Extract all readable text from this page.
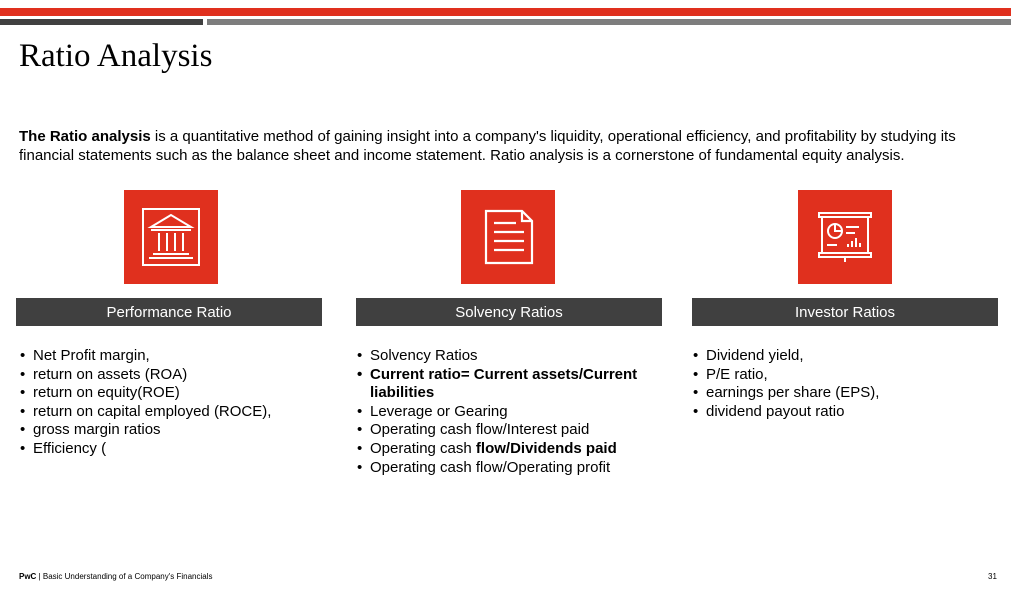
Ratio Analysis

The Ratio analysis is a quantitative method of gaining insight into a company's liquidity, operational efficiency, and profitability by studying its financial statements such as the balance sheet and income statement. Ratio analysis is a cornerstone of fundamental equity analysis.

Performance Ratio
• Net Profit margin,
• return on assets (ROA)
• return on equity(ROE)
• return on capital employed (ROCE),
• gross margin ratios
• Efficiency (
Solvency Ratios
• Solvency Ratios
• Current ratio= Current assets/Current liabilities
• Leverage or Gearing
• Operating cash flow/Interest paid
• Operating cash flow/Dividends paid
• Operating cash flow/Operating profit
Investor Ratios
• Dividend yield,
• P/E ratio,
• earnings per share (EPS),
• dividend payout ratio
PwC | Basic Understanding of a Company's Financials	31
